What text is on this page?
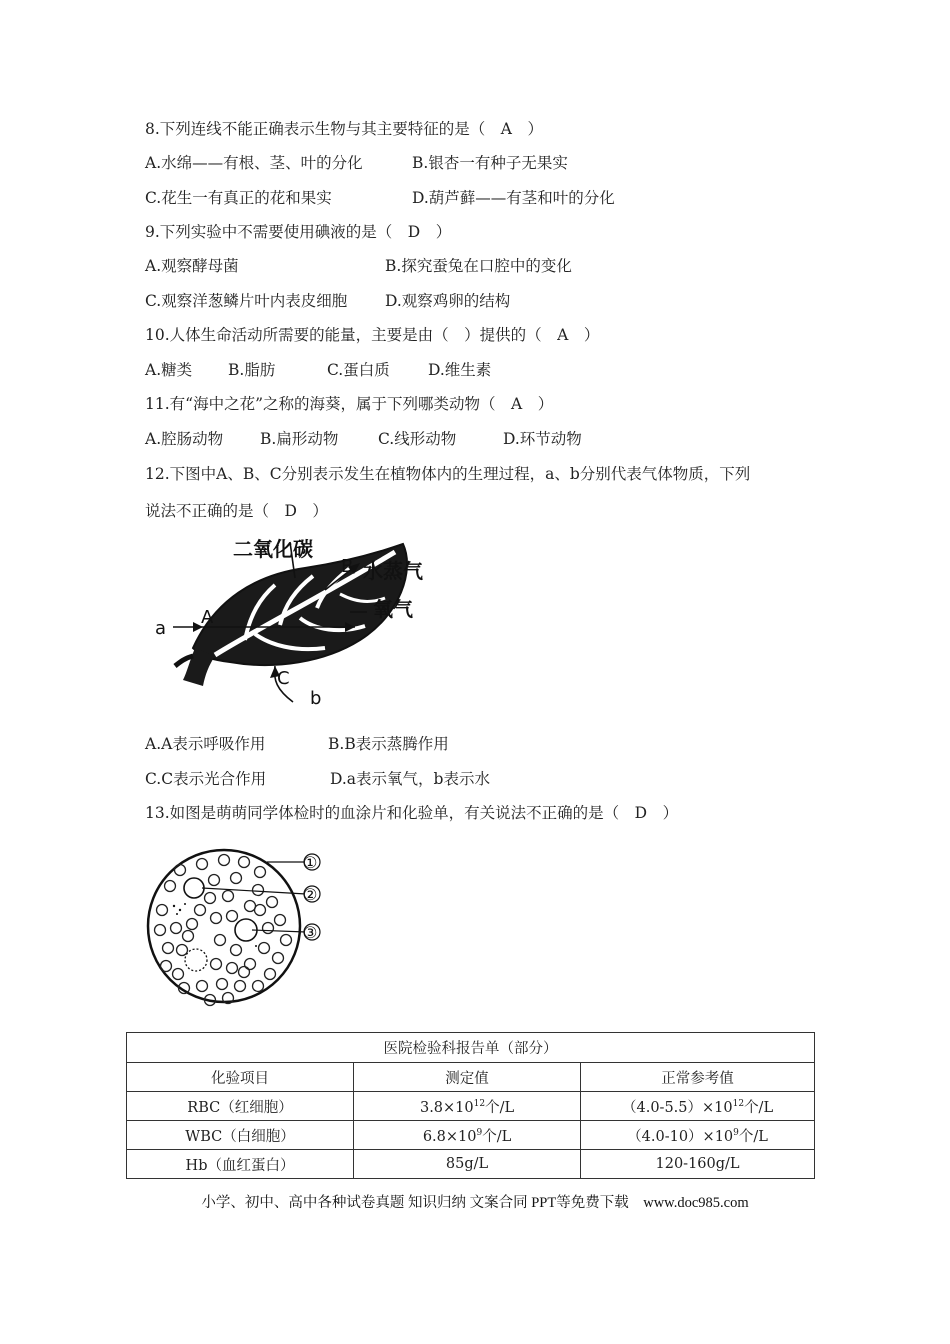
8.下列连线不能正确表示生物与其主要特征的是（　A　）
A.水绵——有根、茎、叶的分化	B.银杏一有种子无果实
C.花生一有真正的花和果实	D.葫芦藓——有茎和叶的分化
9.下列实验中不需要使用碘液的是（　D　）
A.观察酵母菌	B.探究蚕兔在口腔中的变化
C.观察洋葱鳞片叶内表皮细胞 D.观察鸡卵的结构
10.人体生命活动所需要的能量，主要是由（　）提供的（　A　）
A.糖类 B.脂肪	C.蛋白质 D.维生素
11.有“海中之花”之称的海葵，属于下列哪类动物（　A　）
A.腔肠动物 B.扁形动物	C.线形动物	D.环节动物
12.下图中A、B、C分别表示发生在植物体内的生理过程，a、b分别代表气体物质，下列
说法不正确的是（　D　）
二氧化碳
B 水蒸气
氧气
A
a
C
b
A.A表示呼吸作用	B.B表示蒸腾作用
C.C表示光合作用	D.a表示氧气，b表示水
13.如图是萌萌同学体检时的血涂片和化验单，有关说法不正确的是（　D　）
①
②
③
医院检验科报告单（部分）		
化验项目	测定值	正常参考值
RBC（红细胞）	$3.8\times 10^{12}$个/L	$(4.0-5.5)\times 10^{12}$个/L
WBC（白细胞）	$6.8\times 10^9$个/L	$(4.0-10)\times 10^9$个/L
Hb（血红蛋白）	85g/L	120-160g/L
小学、初中、高中各种试卷真题 知识归纳 文案合同 PPT等免费下载　www.doc985.com
